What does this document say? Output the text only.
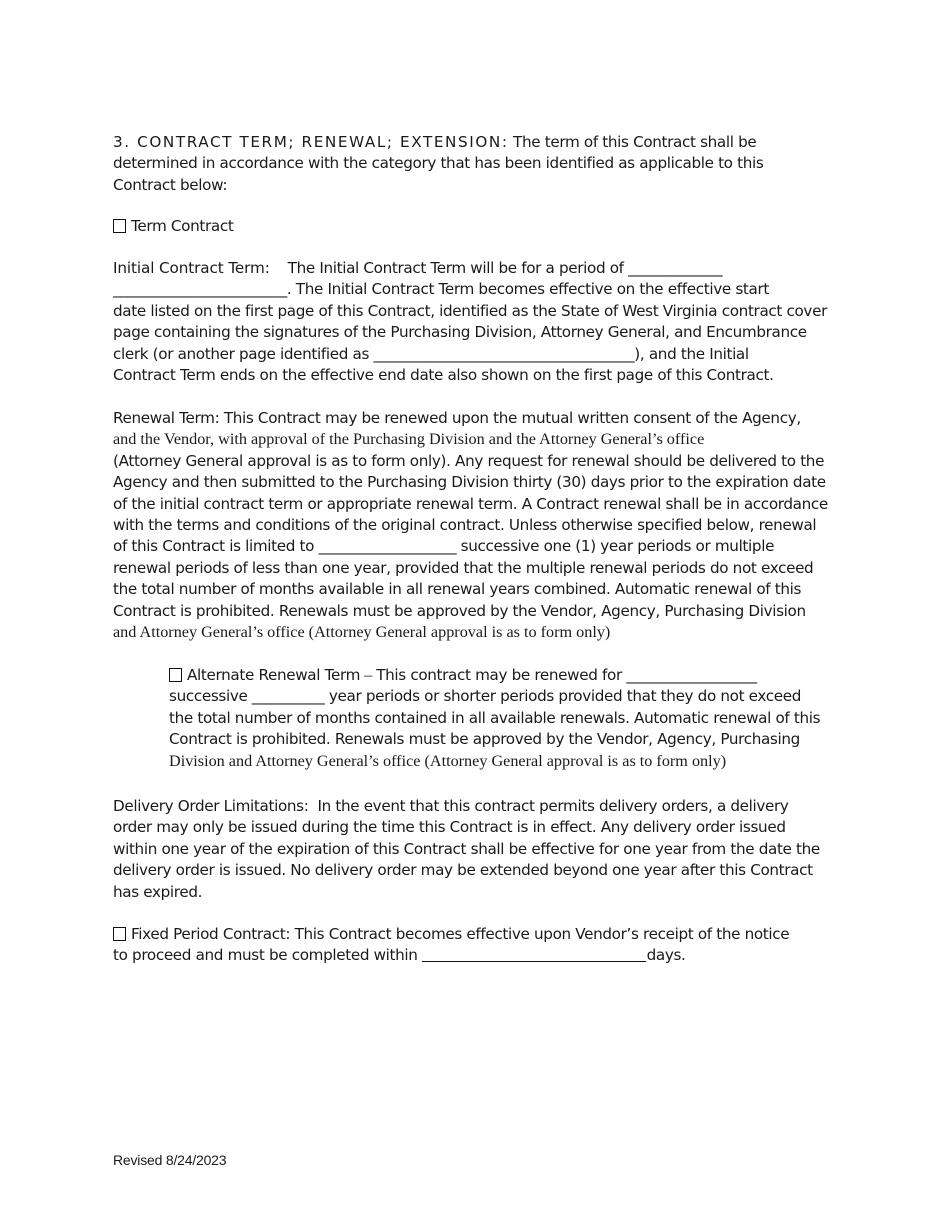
3. CONTRACT TERM; RENEWAL; EXTENSION: The term of this Contract shall be
determined in accordance with the category that has been identified as applicable to this
Contract below:
Term Contract
Initial Contract Term:    The Initial Contract Term will be for a period of _____________
________________________. The Initial Contract Term becomes effective on the effective start
date listed on the first page of this Contract, identified as the State of West Virginia contract cover
page containing the signatures of the Purchasing Division, Attorney General, and Encumbrance
clerk (or another page identified as ____________________________________), and the Initial
Contract Term ends on the effective end date also shown on the first page of this Contract.
Renewal Term: This Contract may be renewed upon the mutual written consent of the Agency,
and the Vendor, with approval of the Purchasing Division and the Attorney General’s office
(Attorney General approval is as to form only). Any request for renewal should be delivered to the
Agency and then submitted to the Purchasing Division thirty (30) days prior to the expiration date
of the initial contract term or appropriate renewal term. A Contract renewal shall be in accordance
with the terms and conditions of the original contract. Unless otherwise specified below, renewal
of this Contract is limited to ___________________ successive one (1) year periods or multiple
renewal periods of less than one year, provided that the multiple renewal periods do not exceed
the total number of months available in all renewal years combined. Automatic renewal of this
Contract is prohibited. Renewals must be approved by the Vendor, Agency, Purchasing Division
and Attorney General’s office (Attorney General approval is as to form only)
Alternate Renewal Term – This contract may be renewed for __________________
successive __________ year periods or shorter periods provided that they do not exceed
the total number of months contained in all available renewals. Automatic renewal of this
Contract is prohibited. Renewals must be approved by the Vendor, Agency, Purchasing
Division and Attorney General’s office (Attorney General approval is as to form only)
Delivery Order Limitations:  In the event that this contract permits delivery orders, a delivery
order may only be issued during the time this Contract is in effect. Any delivery order issued
within one year of the expiration of this Contract shall be effective for one year from the date the
delivery order is issued. No delivery order may be extended beyond one year after this Contract
has expired.
Fixed Period Contract: This Contract becomes effective upon Vendor’s receipt of the notice
to proceed and must be completed within	days.
Revised 8/24/2023
